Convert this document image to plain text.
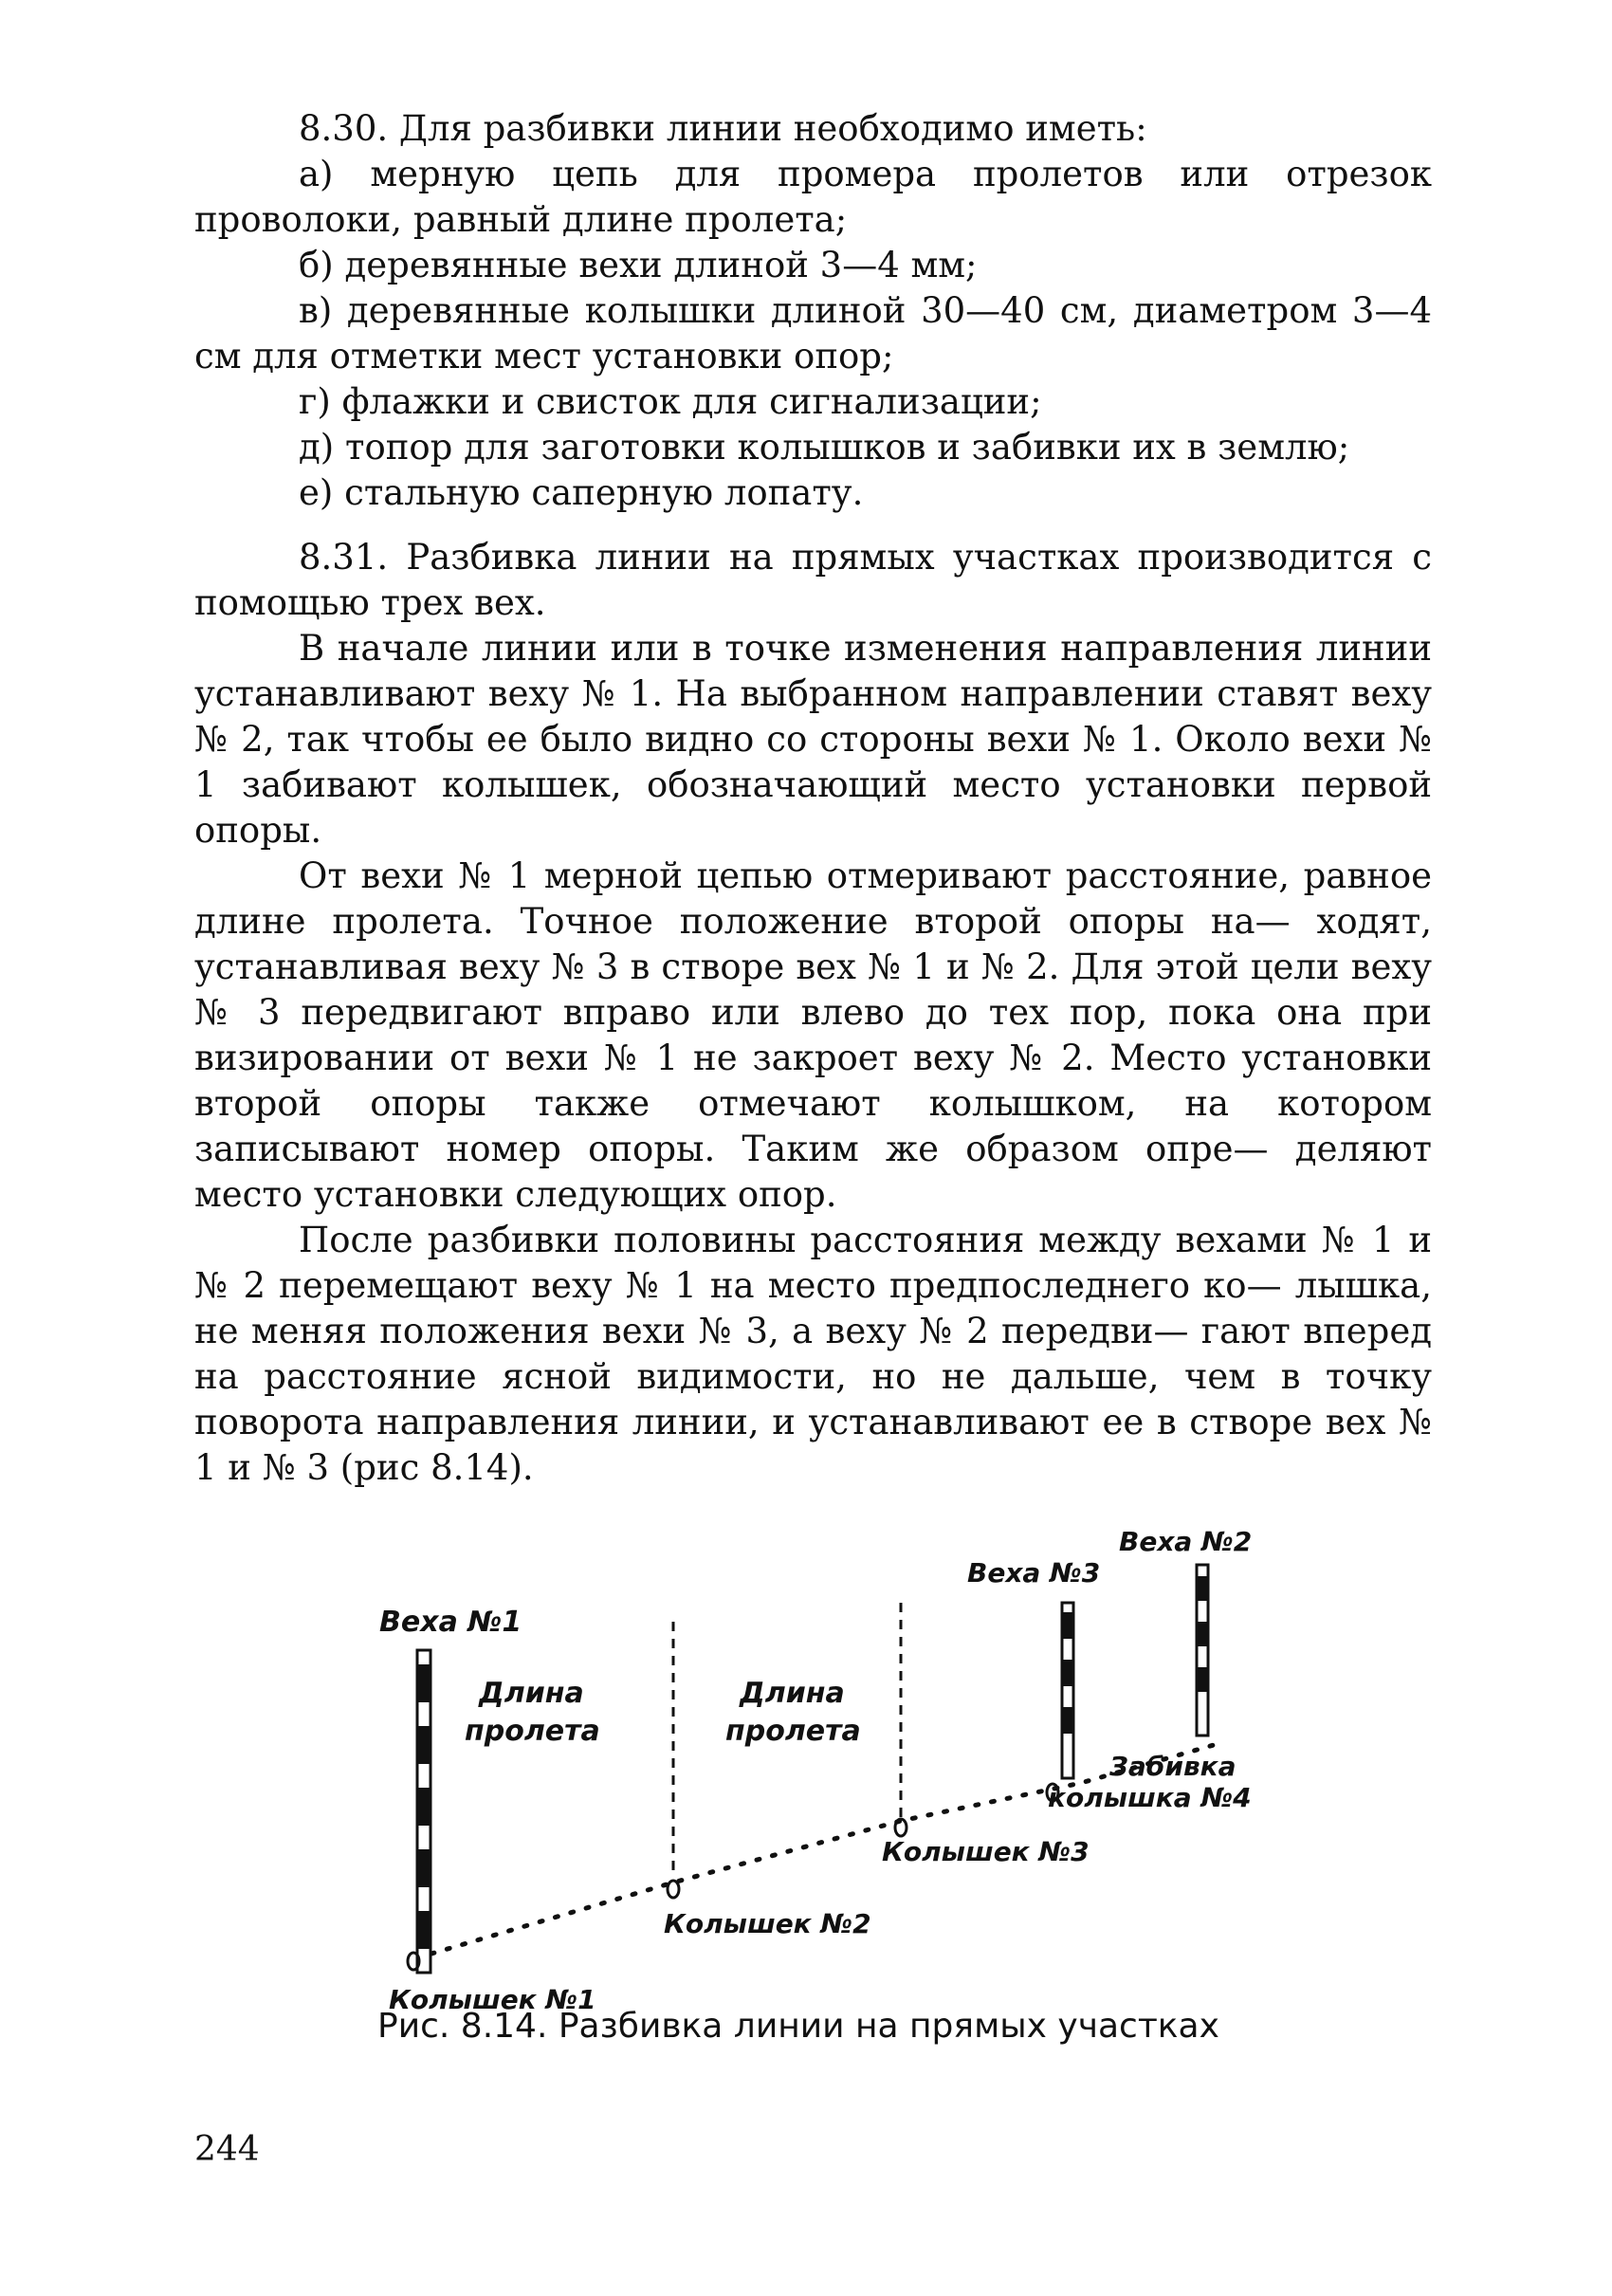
8.30. Для разбивки линии необходимо иметь:

а) мерную цепь для промера пролетов или отрезок проволоки, равный длине пролета;

б) деревянные вехи длиной 3—4 мм;

в) деревянные колышки длиной 30—40 см, диаметром 3—4 см для отметки мест установки опор;

г) флажки и свисток для сигнализации;

д) топор для заготовки колышков и забивки их в землю;

е) стальную саперную лопату.

8.31. Разбивка линии на прямых участках производится с помощью трех вех.

В начале линии или в точке изменения направления линии устанавливают веху № 1. На выбранном направлении ставят веху № 2, так чтобы ее было видно со стороны вехи № 1. Около вехи № 1 забивают колышек, обозначающий место установки первой опоры.

От вехи № 1 мерной цепью отмеривают расстояние, равное длине пролета. Точное положение второй опоры на— ходят, устанавливая веху № 3 в створе вех № 1 и № 2. Для этой цели веху № 3 передвигают вправо или влево до тех пор, пока она при визировании от вехи № 1 не закроет веху № 2. Место установки второй опоры также отмечают колышком, на котором записывают номер опоры. Таким же образом опре— деляют место установки следующих опор.

После разбивки половины расстояния между вехами № 1 и № 2 перемещают веху № 1 на место предпоследнего ко— лышка, не меняя положения вехи № 3, а веху № 2 передви— гают вперед на расстояние ясной видимости, но не дальше, чем в точку поворота направления линии, и устанавливают ее в створе вех № 1 и № 3 (рис 8.14).

Веха №1
Веха №3
Веха №2
Длина
пролета
Длина
пролета
Колышек №1
Колышек №2
Колышек №3
Забивка
колышка №4
Рис. 8.14. Разбивка линии на прямых участках
244
